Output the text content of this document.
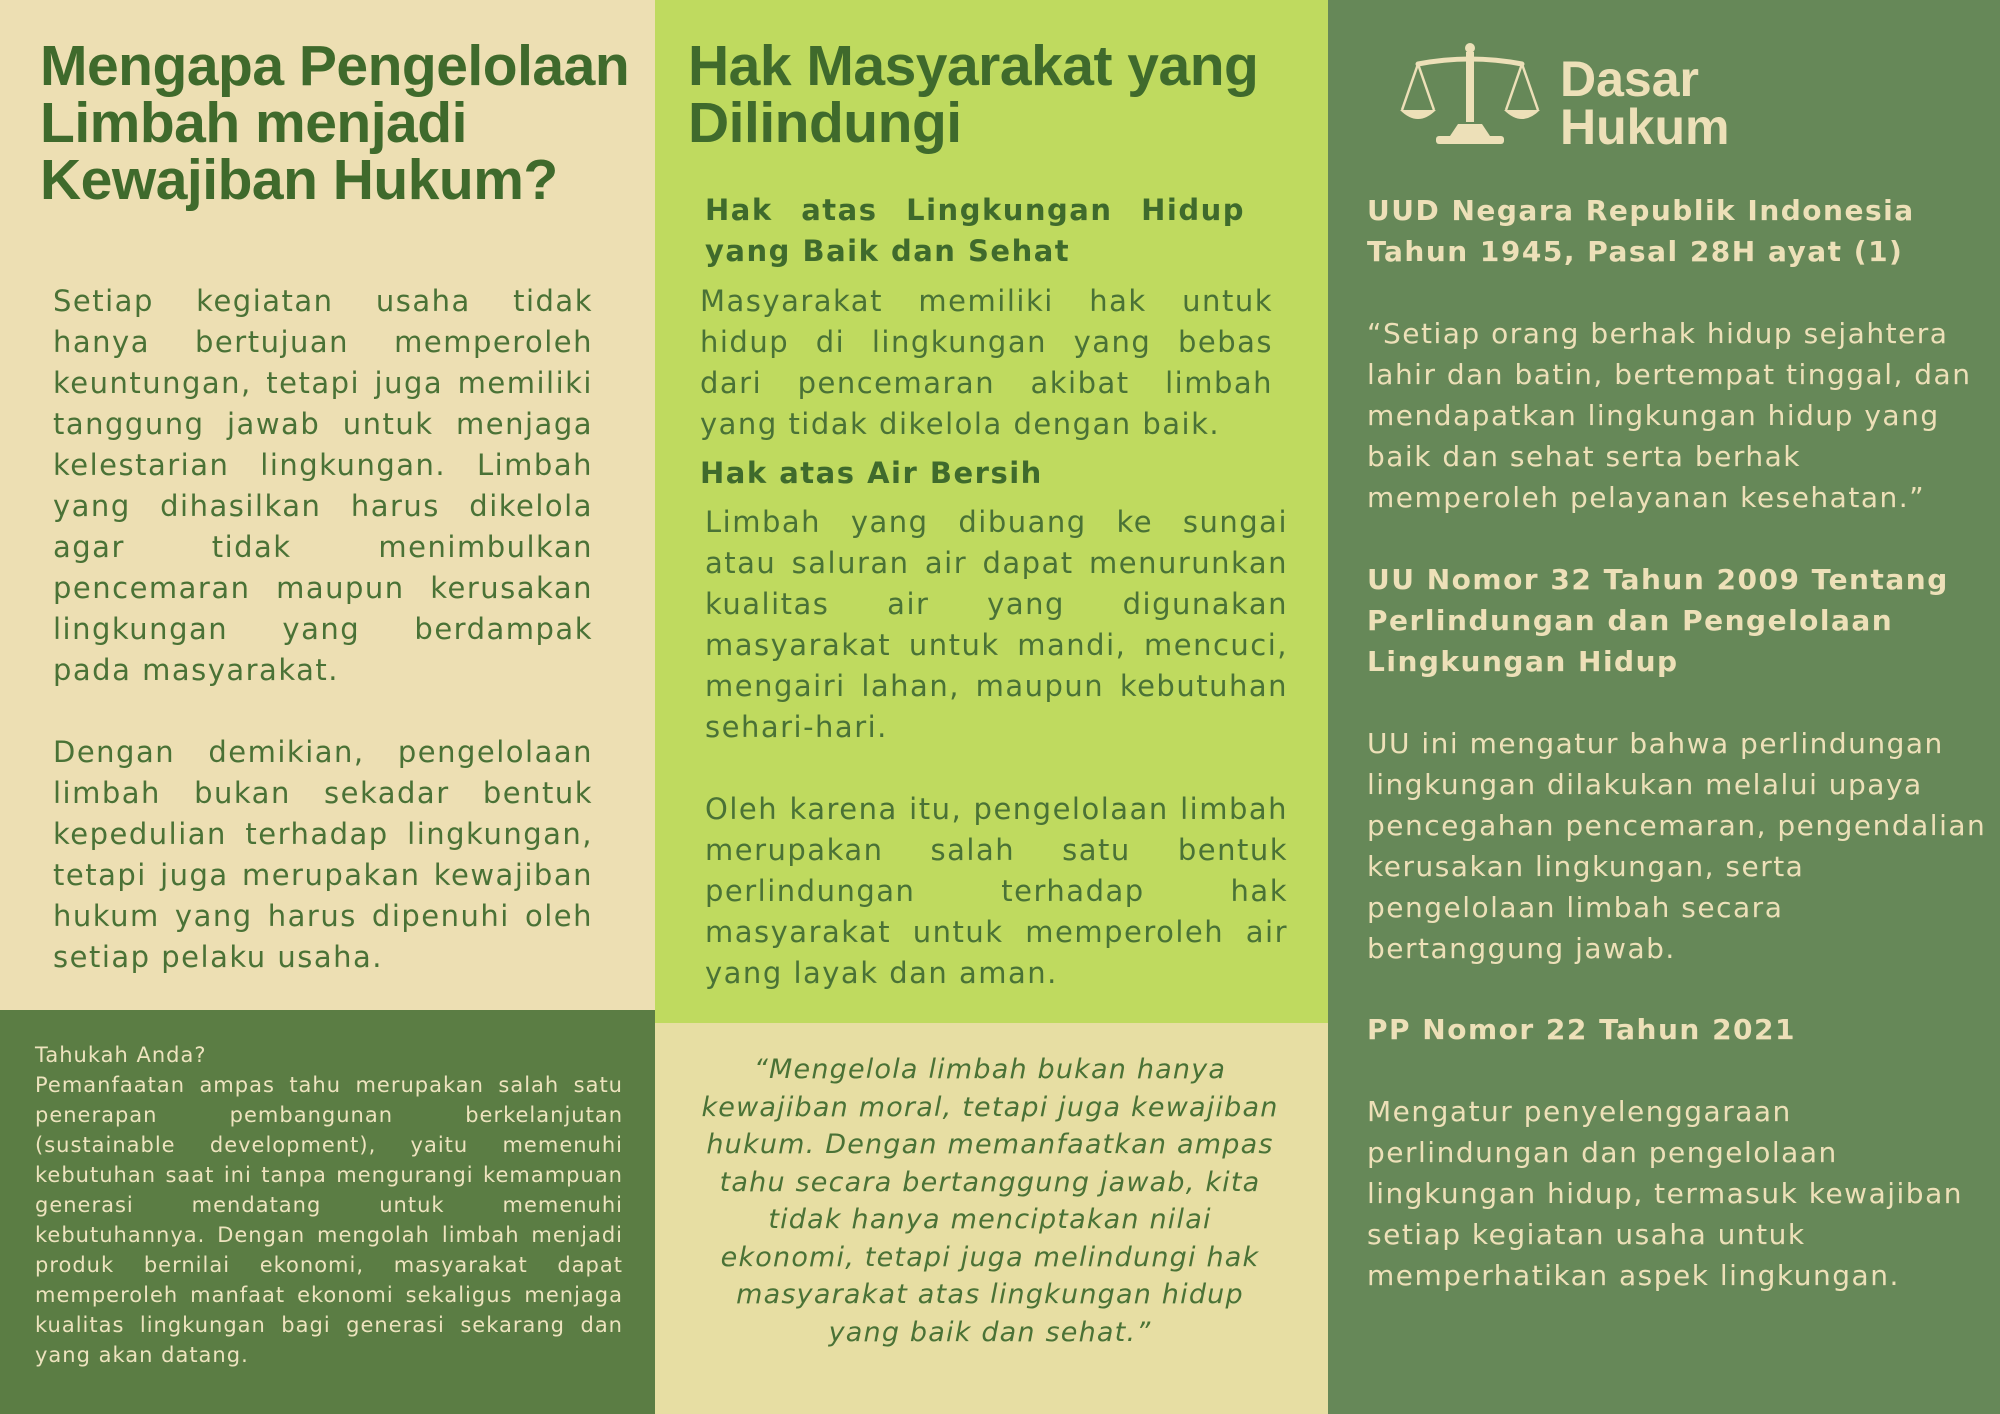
Mengapa Pengelolaan Limbah menjadi Kewajiban Hukum?

Setiap kegiatan usaha tidak hanya bertujuan memperoleh keuntungan, tetapi juga memiliki tanggung jawab untuk menjaga kelestarian lingkungan. Limbah yang dihasilkan harus dikelola agar tidak menimbulkan pencemaran maupun kerusakan lingkungan yang berdampak pada masyarakat.

Dengan demikian, pengelolaan limbah bukan sekadar bentuk kepedulian terhadap lingkungan, tetapi juga merupakan kewajiban hukum yang harus dipenuhi oleh setiap pelaku usaha.

Tahukah Anda?

Pemanfaatan ampas tahu merupakan salah satu penerapan pembangunan berkelanjutan (sustainable development), yaitu memenuhi kebutuhan saat ini tanpa mengurangi kemampuan generasi mendatang untuk memenuhi kebutuhannya. Dengan mengolah limbah menjadi produk bernilai ekonomi, masyarakat dapat memperoleh manfaat ekonomi sekaligus menjaga kualitas lingkungan bagi generasi sekarang dan yang akan datang.

Hak Masyarakat yang Dilindungi

Hak atas Lingkungan Hidup yang Baik dan Sehat

Masyarakat memiliki hak untuk hidup di lingkungan yang bebas dari pencemaran akibat limbah yang tidak dikelola dengan baik.

Hak atas Air Bersih

Limbah yang dibuang ke sungai atau saluran air dapat menurunkan kualitas air yang digunakan masyarakat untuk mandi, mencuci, mengairi lahan, maupun kebutuhan sehari-hari.

Oleh karena itu, pengelolaan limbah merupakan salah satu bentuk perlindungan terhadap hak masyarakat untuk memperoleh air yang layak dan aman.

“Mengelola limbah bukan hanya kewajiban moral, tetapi juga kewajiban hukum. Dengan memanfaatkan ampas tahu secara bertanggung jawab, kita tidak hanya menciptakan nilai ekonomi, tetapi juga melindungi hak masyarakat atas lingkungan hidup yang baik dan sehat.”

Dasar
Hukum

UUD Negara Republik Indonesia Tahun 1945, Pasal 28H ayat (1)

“Setiap orang berhak hidup sejahtera lahir dan batin, bertempat tinggal, dan mendapatkan lingkungan hidup yang baik dan sehat serta berhak memperoleh pelayanan kesehatan.”

UU Nomor 32 Tahun 2009 Tentang Perlindungan dan Pengelolaan Lingkungan Hidup

UU ini mengatur bahwa perlindungan lingkungan dilakukan melalui upaya pencegahan pencemaran, pengendalian kerusakan lingkungan, serta pengelolaan limbah secara bertanggung jawab.

PP Nomor 22 Tahun 2021

Mengatur penyelenggaraan perlindungan dan pengelolaan lingkungan hidup, termasuk kewajiban setiap kegiatan usaha untuk memperhatikan aspek lingkungan.
